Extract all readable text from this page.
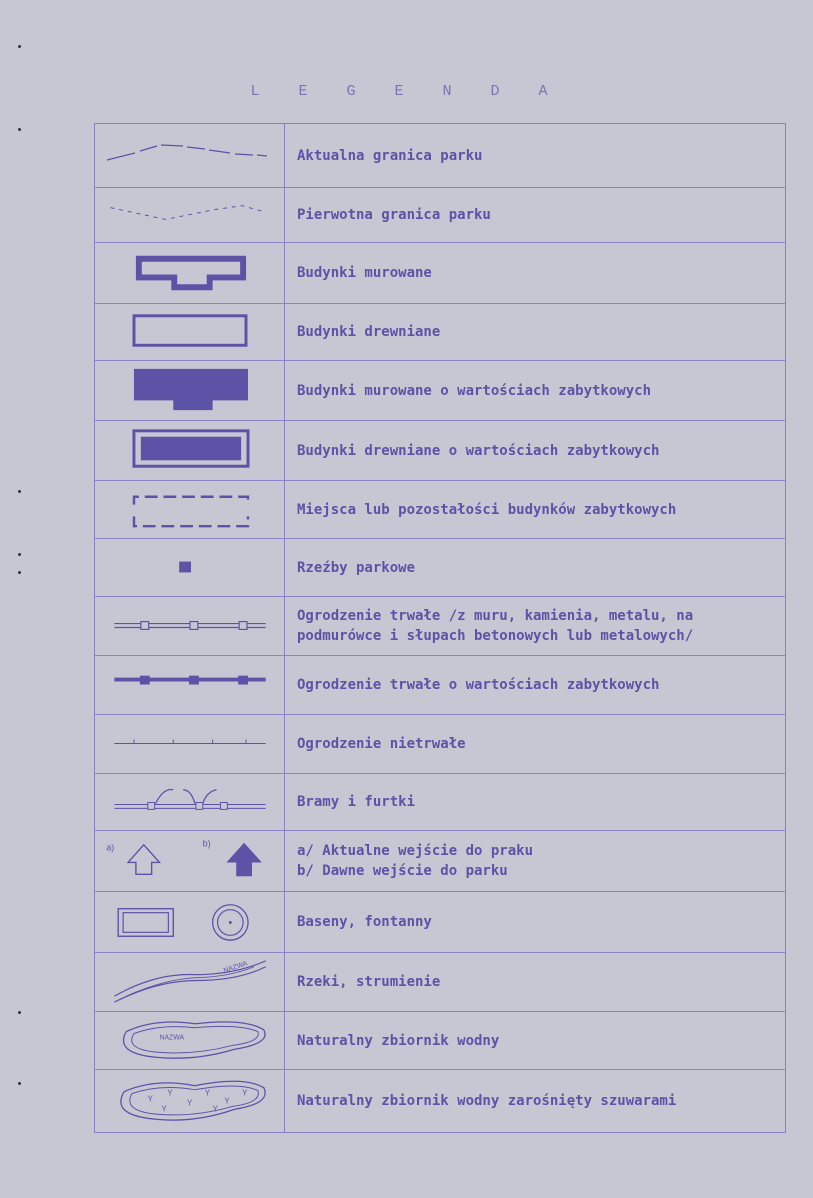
L E G E N D A
Aktualna granica parku
Pierwotna granica parku
Budynki murowane
Budynki drewniane
Budynki murowane o wartościach zabytkowych
Budynki drewniane o wartościach zabytkowych
Miejsca lub pozostałości budynków zabytkowych
Rzeźby parkowe
Ogrodzenie trwałe /z muru, kamienia, metalu, na
podmurówce i słupach betonowych lub metalowych/
Ogrodzenie trwałe o wartościach zabytkowych
Ogrodzenie nietrwałe
Bramy i furtki
a)	b)	a/ Aktualne wejście do praku
b/ Dawne wejście do parku
Baseny, fontanny
NAZWA
Rzeki, strumienie
NAZWA	Naturalny zbiornik wodny
Y
Y
Y
Y
Y
Y
Y	Y	Naturalny zbiornik wodny zarośnięty szuwarami
